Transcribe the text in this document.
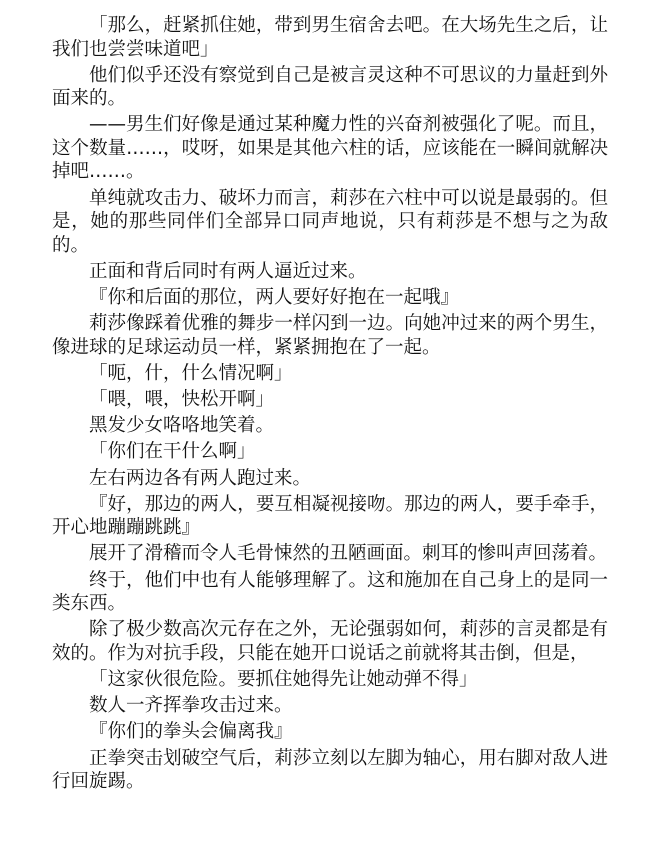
「那么，赶紧抓住她，带到男生宿舍去吧。在大场先生之后，让我们也尝尝味道吧」

他们似乎还没有察觉到自己是被言灵这种不可思议的力量赶到外面来的。

——男生们好像是通过某种魔力性的兴奋剂被强化了呢。而且，这个数量……，哎呀，如果是其他六柱的话，应该能在一瞬间就解决掉吧……。

单纯就攻击力、破坏力而言，莉莎在六柱中可以说是最弱的。但是，她的那些同伴们全部异口同声地说，只有莉莎是不想与之为敌的。

正面和背后同时有两人逼近过来。

『你和后面的那位，两人要好好抱在一起哦』

莉莎像踩着优雅的舞步一样闪到一边。向她冲过来的两个男生，像进球的足球运动员一样，紧紧拥抱在了一起。

「呃，什，什么情况啊」

「喂，喂，快松开啊」

黑发少女咯咯地笑着。

「你们在干什么啊」

左右两边各有两人跑过来。

『好，那边的两人，要互相凝视接吻。那边的两人，要手牵手，开心地蹦蹦跳跳』

展开了滑稽而令人毛骨悚然的丑陋画面。刺耳的惨叫声回荡着。

终于，他们中也有人能够理解了。这和施加在自己身上的是同一类东西。

除了极少数高次元存在之外，无论强弱如何，莉莎的言灵都是有效的。作为对抗手段，只能在她开口说话之前就将其击倒，但是，

「这家伙很危险。要抓住她得先让她动弹不得」

数人一齐挥拳攻击过来。

『你们的拳头会偏离我』

正拳突击划破空气后，莉莎立刻以左脚为轴心，用右脚对敌人进行回旋踢。
